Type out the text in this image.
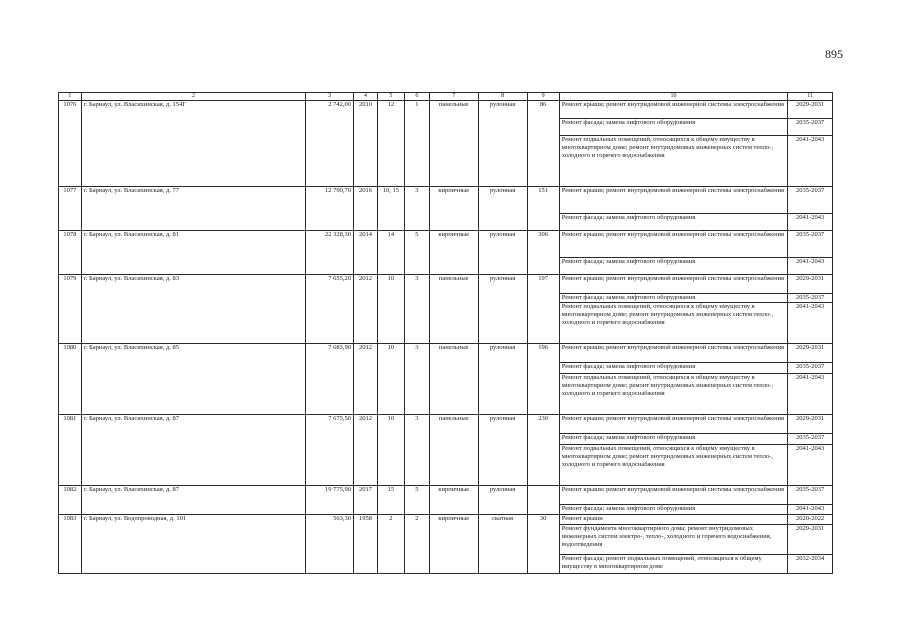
895
1	2	3	4	5	6	7	8	9	10	11
1076	г. Барнаул, ул. Власихинская, д. 154Г	2 742,00	2010	12	1	панельные	рулонная	86	Ремонт крыши; ремонт внутридомовой инженерной системы электроснабжения	2029-2031
									Ремонт фасада; замена лифтового оборудования	2035-2037
									Ремонт подвальных помещений, относящихся к общему имуществу в многоквартирном доме; ремонт внутридомовых инженерных систем тепло-, холодного и горячего водоснабжения	2041-2043
1077	г. Барнаул, ул. Власихинская, д. 77	12 790,70	2016	10, 15	3	кирпичные	рулонная	151	Ремонт крыши; ремонт внутридомовой инженерной системы электроснабжения	2035-2037
									Ремонт фасада; замена лифтового оборудования	2041-2043
1078	г. Барнаул, ул. Власихинская, д. 81	22 328,30	2014	14	5	кирпичные	рулонная	306	Ремонт крыши; ремонт внутридомовой инженерной системы электроснабжения	2035-2037
									Ремонт фасада; замена лифтового оборудования	2041-2043
1079	г. Барнаул, ул. Власихинская, д. 83	7 655,20	2012	10	3	панельные	рулонная	197	Ремонт крыши; ремонт внутридомовой инженерной системы электроснабжения	2029-2031
									Ремонт фасада; замена лифтового оборудования	2035-2037
									Ремонт подвальных помещений, относящихся к общему имуществу в многоквартирном доме; ремонт внутридомовых инженерных систем тепло-, холодного и горячего водоснабжения	2041-2043
1080	г. Барнаул, ул. Власихинская, д. 85	7 683,90	2012	10	3	панельные	рулонная	196	Ремонт крыши; ремонт внутридомовой инженерной системы электроснабжения	2029-2031
									Ремонт фасада; замена лифтового оборудования	2035-2037
									Ремонт подвальных помещений, относящихся к общему имуществу в многоквартирном доме; ремонт внутридомовых инженерных систем тепло-, холодного и горячего водоснабжения	2041-2043
1081	г. Барнаул, ул. Власихинская, д. 87	7 675,50	2012	10	3	панельные	рулонная	230	Ремонт крыши; ремонт внутридомовой инженерной системы электроснабжения	2029-2031
									Ремонт фасада; замена лифтового оборудования	2035-2037
									Ремонт подвальных помещений, относящихся к общему имуществу в многоквартирном доме; ремонт внутридомовых инженерных систем тепло-, холодного и горячего водоснабжения	2041-2043
1082	г. Барнаул, ул. Власихинская, д. 87	19 775,90	2017	15	5	кирпичные	рулонная		Ремонт крыши; ремонт внутридомовой инженерной системы электроснабжения	2035-2037
									Ремонт фасада; замена лифтового оборудования	2041-2043
1083	г. Барнаул, ул. Водопроводная, д. 101	563,30	1958	2	2	кирпичные	скатная	30	Ремонт крыши	2020-2022
									Ремонт фундамента многоквартирного дома; ремонт внутридомовых инженерных систем электро-, тепло-, холодного и горячего водоснабжения, водоотведения	2029-2031
									Ремонт фасада; ремонт подвальных помещений, относящихся к общему имуществу в многоквартирном доме	2032-2034
